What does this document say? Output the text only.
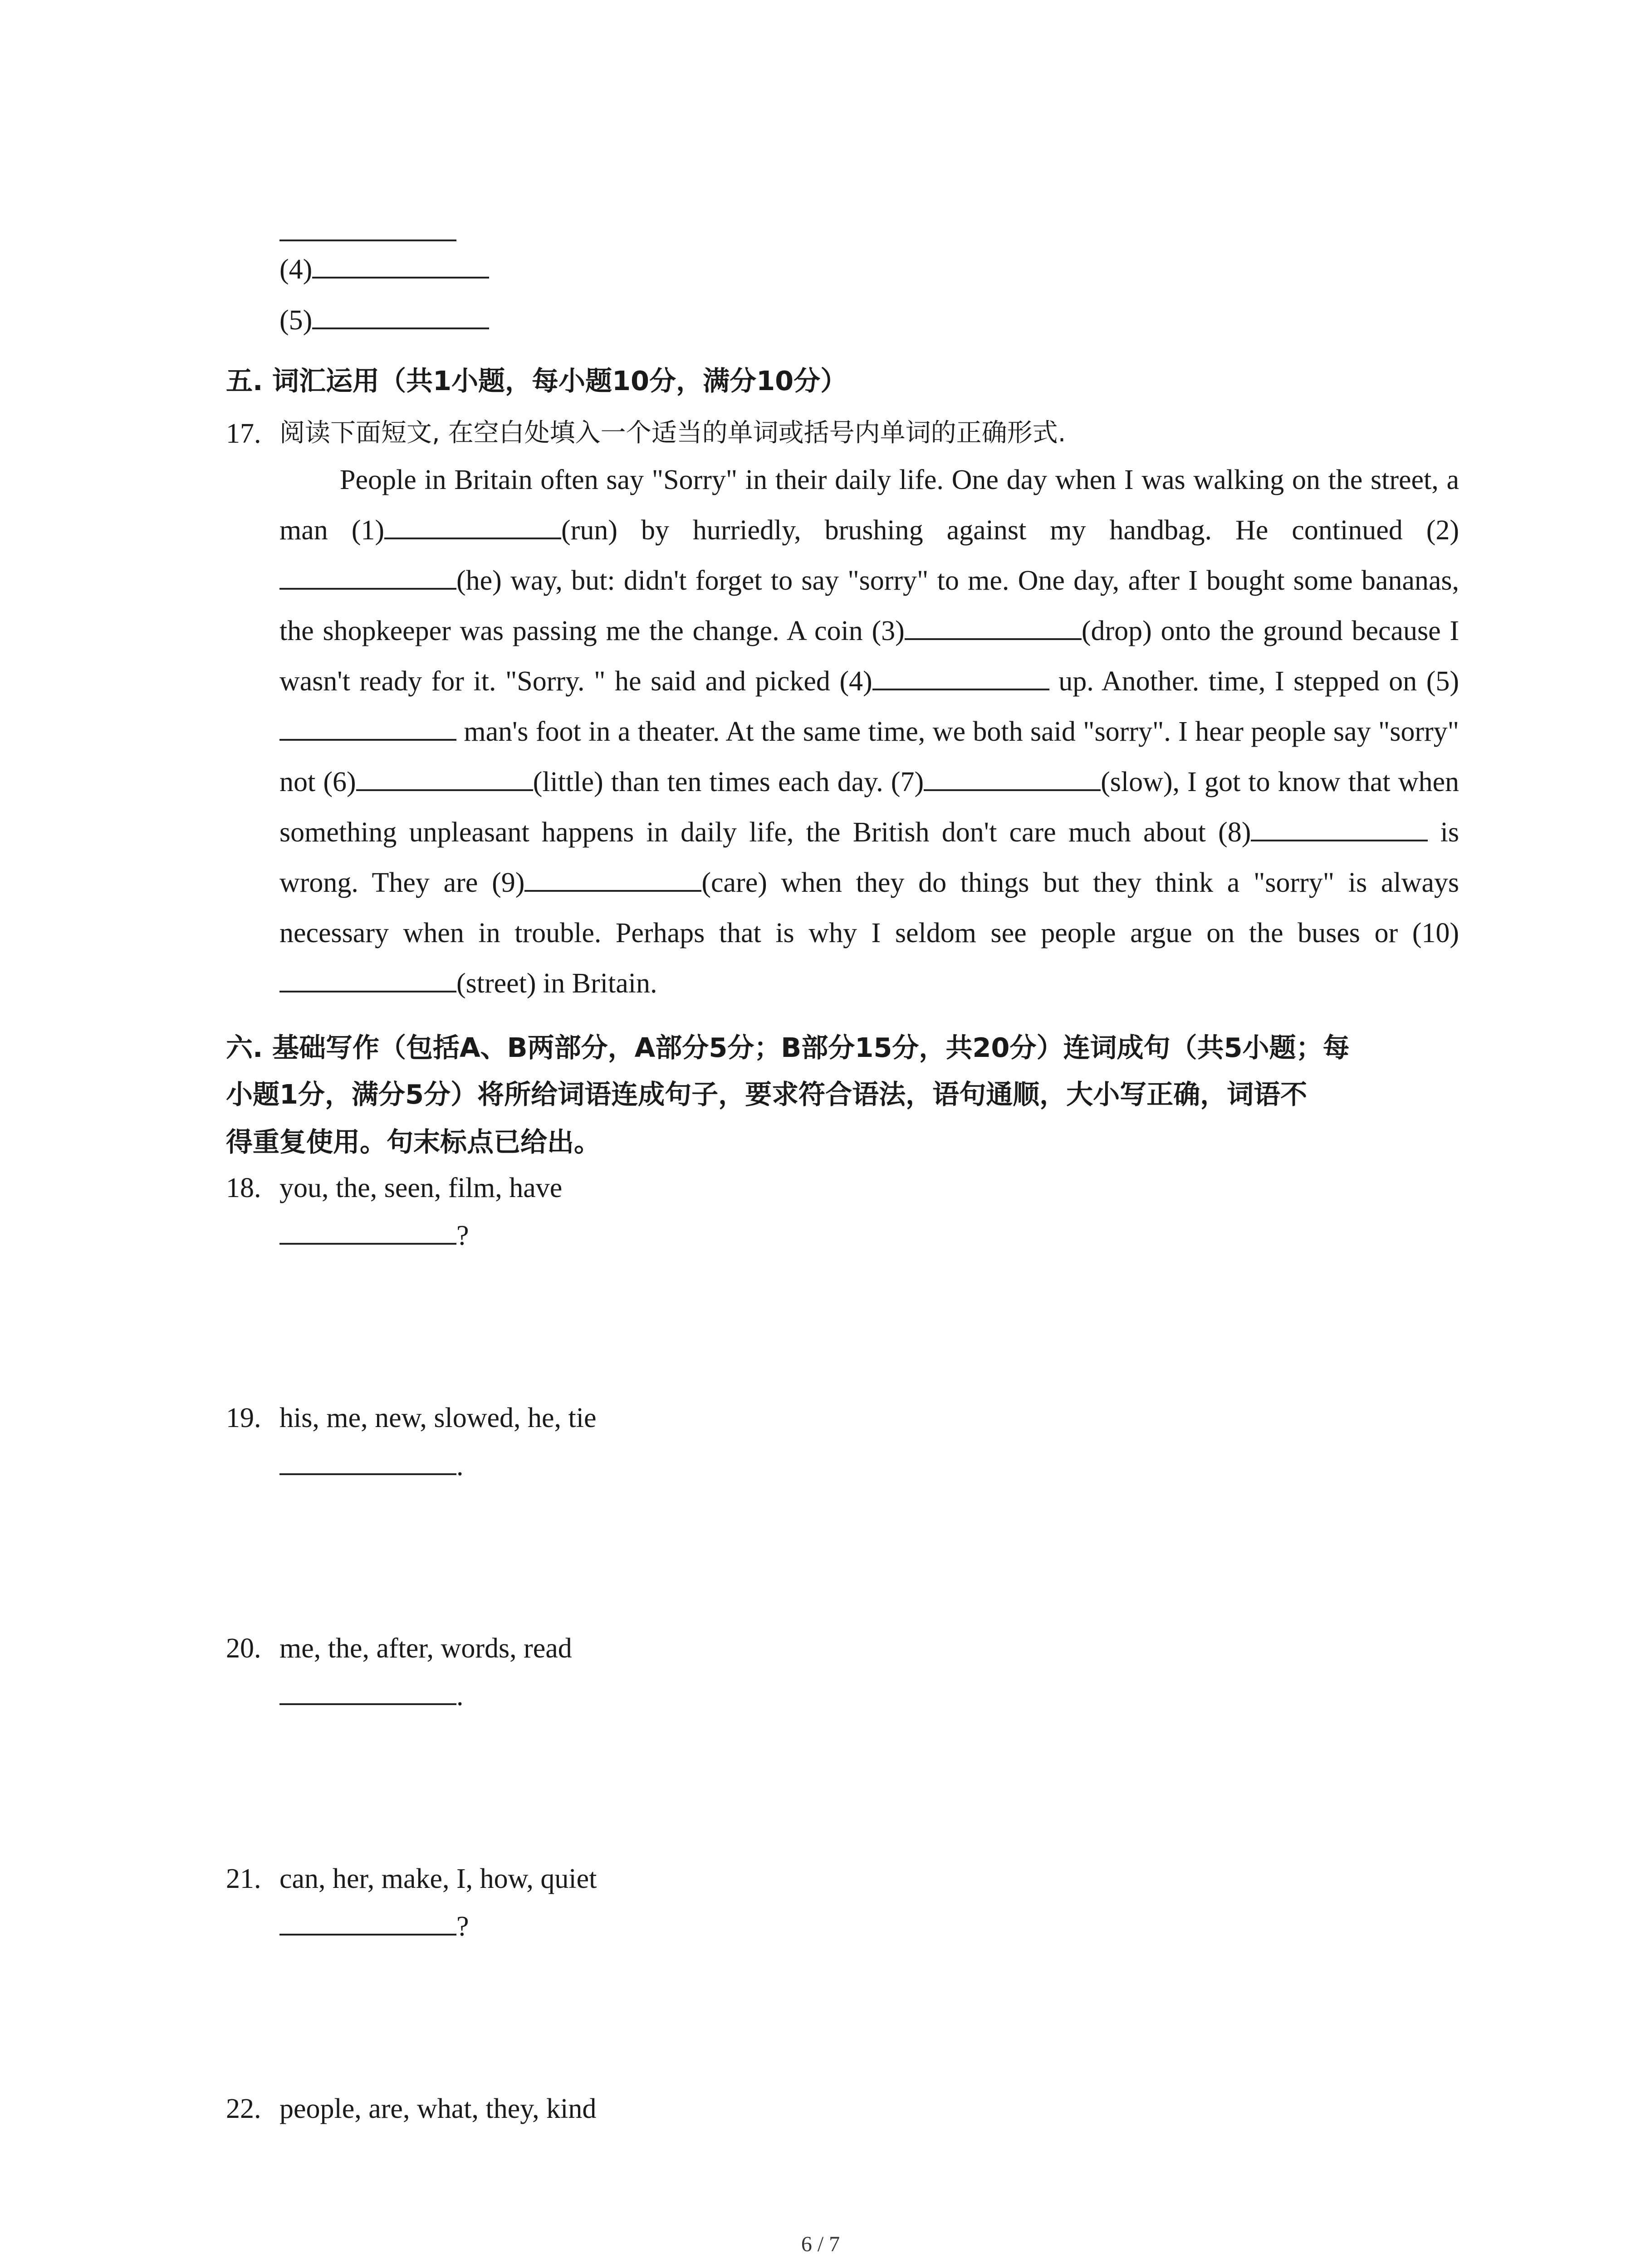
(4)
(5)
五. 词汇运用（共1小题，每小题10分，满分10分）
17. 阅读下面短文, 在空白处填入一个适当的单词或括号内单词的正确形式.
People in Britain often say "Sorry" in their daily life. One day when I was walking on the street, a man (1)	(run) by hurriedly, brushing against my handbag. He continued (2)(he) way, but: didn't forget to say "sorry" to me. One day, after I bought some bananas, the shopkeeper was passing me the change. A coin (3)	(drop) onto the ground because I wasn't ready for it. "Sorry. " he said and picked (4)	up. Another. time, I stepped on (5) man's foot in a theater. At the same time, we both said "sorry". I hear people say "sorry" not (6)	(little) than ten times each day. (7)	(slow), I got to know that when something unpleasant happens in daily life, the British don't care much about (8)	is wrong. They are (9)	(care) when they do things but they think a "sorry" is always necessary when in trouble. Perhaps that is why I seldom see people argue on the buses or (10)(street) in Britain.
六. 基础写作（包括A、B两部分，A部分5分；B部分15分，共20分）连词成句（共5小题；每
小题1分，满分5分）将所给词语连成句子，要求符合语法，语句通顺，大小写正确，词语不
得重复使用。句末标点已给出。
18. you, the, seen, film, have
?
19. his, me, new, slowed, he, tie
.
20. me, the, after, words, read
.
21. can, her, make, I, how, quiet
?
22. people, are, what, they, kind
6 / 7
